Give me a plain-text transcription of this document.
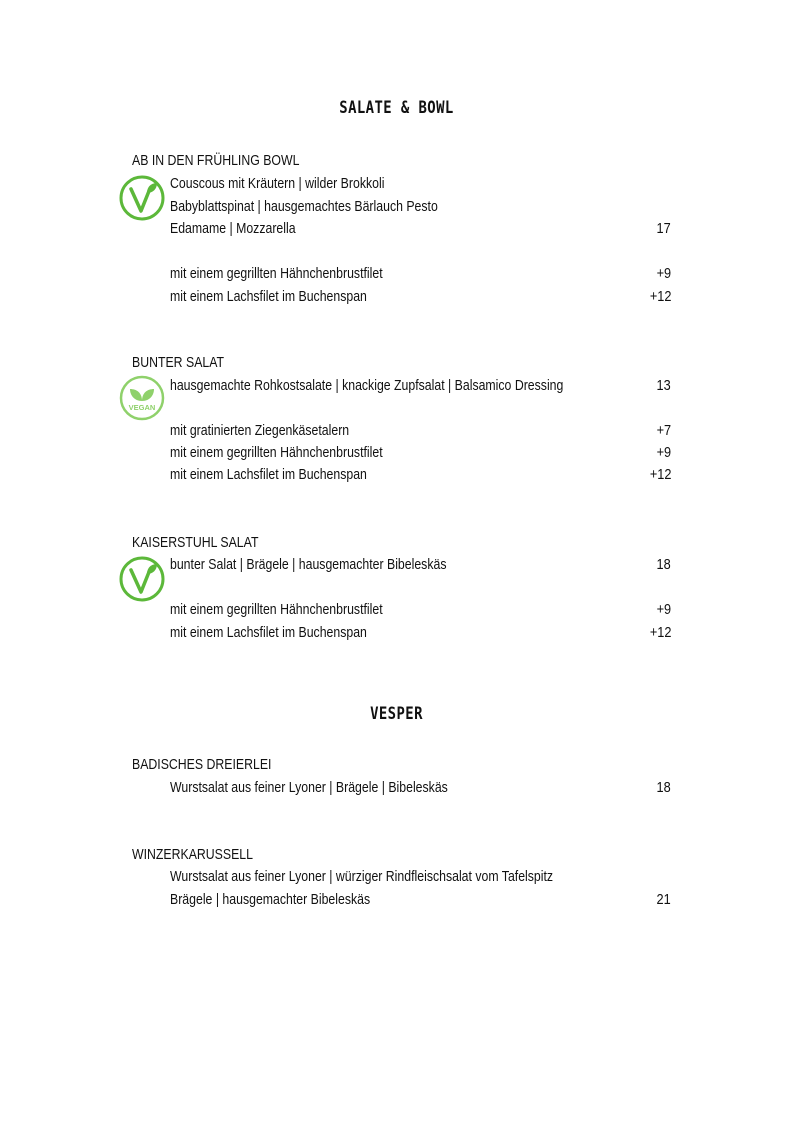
SALATE & BOWL
AB IN DEN FRÜHLING BOWL
Couscous mit Kräutern | wilder Brokkoli
Babyblattspinat | hausgemachtes Bärlauch Pesto
Edamame | Mozzarella	17
mit einem gegrillten Hähnchenbrustfilet	+9
mit einem Lachsfilet im Buchenspan	+12
BUNTER SALAT
VEGAN
hausgemachte Rohkostsalate | knackige Zupfsalat | Balsamico Dressing	13
mit gratinierten Ziegenkäsetalern	+7
mit einem gegrillten Hähnchenbrustfilet	+9
mit einem Lachsfilet im Buchenspan	+12
KAISERSTUHL SALAT
bunter Salat | Brägele | hausgemachter Bibeleskäs	18
mit einem gegrillten Hähnchenbrustfilet	+9
mit einem Lachsfilet im Buchenspan	+12
VESPER
BADISCHES DREIERLEI
Wurstsalat aus feiner Lyoner | Brägele | Bibeleskäs	18
WINZERKARUSSELL
Wurstsalat aus feiner Lyoner | würziger Rindfleischsalat vom Tafelspitz
Brägele | hausgemachter Bibeleskäs	21
